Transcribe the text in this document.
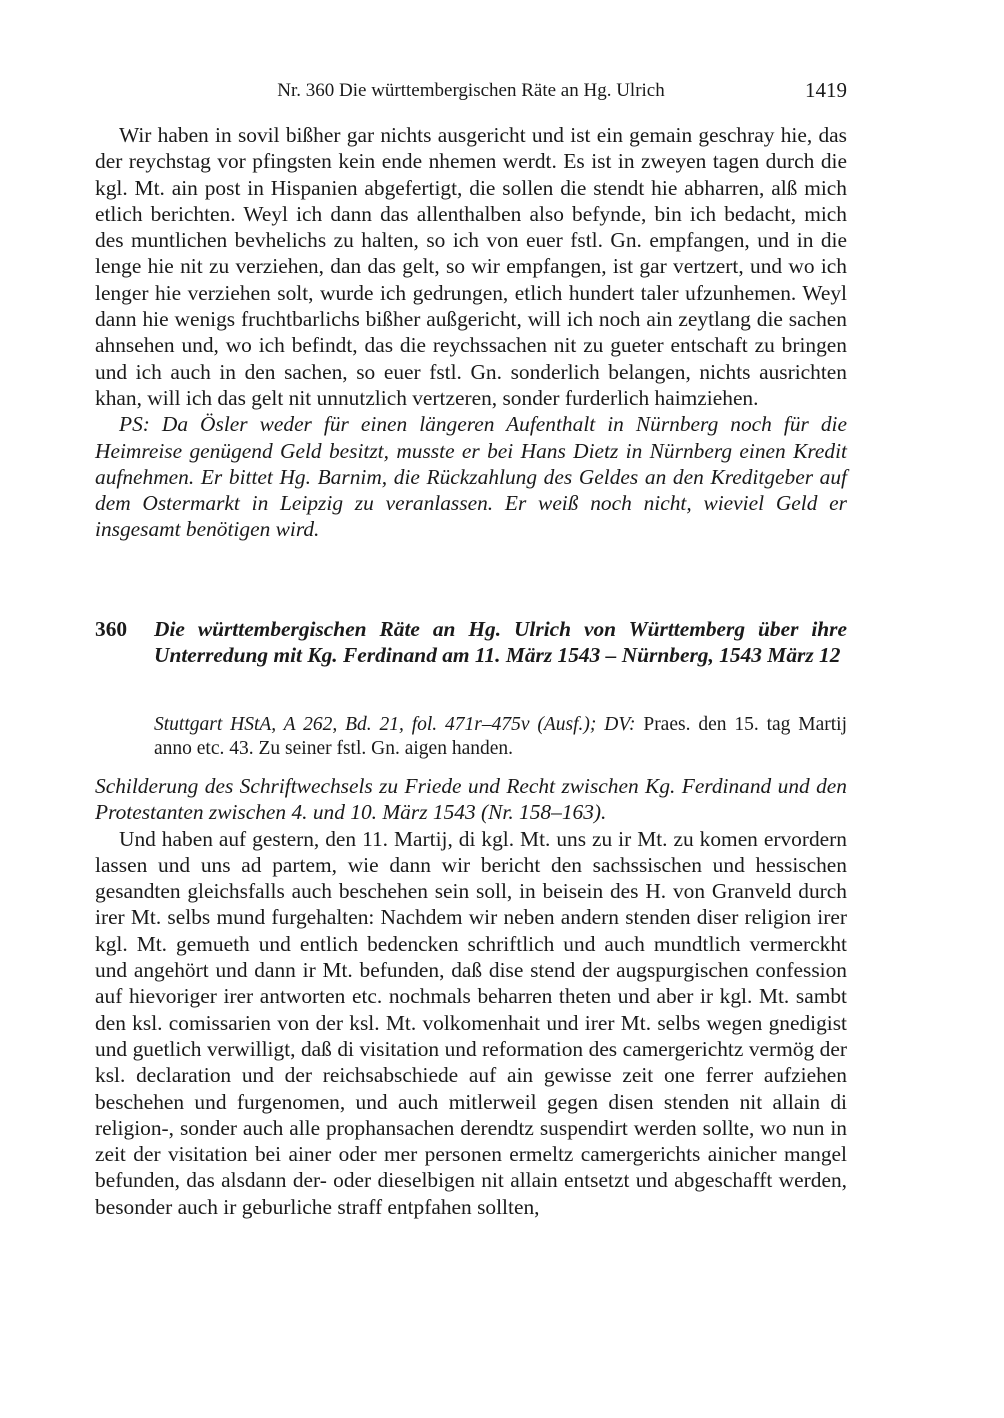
Nr. 360 Die württembergischen Räte an Hg. Ulrich	1419

Wir haben in sovil bißher gar nichts ausgericht und ist ein gemain geschray hie, das der reychstag vor pfingsten kein ende nhemen werdt. Es ist in zweyen tagen durch die kgl. Mt. ain post in Hispanien abgefertigt, die sollen die stendt hie abharren, alß mich etlich berichten. Weyl ich dann das allenthalben also befynde, bin ich bedacht, mich des muntlichen bevhelichs zu halten, so ich von euer fstl. Gn. empfangen, und in die lenge hie nit zu verziehen, dan das gelt, so wir empfangen, ist gar vertzert, und wo ich lenger hie verziehen solt, wurde ich gedrungen, etlich hundert taler ufzunhemen. Weyl dann hie wenigs fruchtbarlichs bißher außgericht, will ich noch ain zeytlang die sachen ahnsehen und, wo ich befindt, das die reychssachen nit zu gueter entschaft zu bringen und ich auch in den sachen, so euer fstl. Gn. sonderlich belangen, nichts ausrichten khan, will ich das gelt nit unnutzlich vertzeren, sonder furderlich haimziehen.

PS: Da Ösler weder für einen längeren Aufenthalt in Nürnberg noch für die Heimreise genügend Geld besitzt, musste er bei Hans Dietz in Nürnberg einen Kredit aufnehmen. Er bittet Hg. Barnim, die Rückzahlung des Geldes an den Kreditgeber auf dem Ostermarkt in Leipzig zu veranlassen. Er weiß noch nicht, wieviel Geld er insgesamt benötigen wird.

360 Die württembergischen Räte an Hg. Ulrich von Württemberg über ihre Unterredung mit Kg. Ferdinand am 11. März 1543 – Nürnberg, 1543 März 12
Stuttgart HStA, A 262, Bd. 21, fol. 471r–475v (Ausf.); DV: Praes. den 15. tag Martij anno etc. 43. Zu seiner fstl. Gn. aigen handen.

Schilderung des Schriftwechsels zu Friede und Recht zwischen Kg. Ferdinand und den Protestanten zwischen 4. und 10. März 1543 (Nr. 158–163).

Und haben auf gestern, den 11. Martij, di kgl. Mt. uns zu ir Mt. zu komen ervordern lassen und uns ad partem, wie dann wir bericht den sachssischen und hessischen gesandten gleichsfalls auch beschehen sein soll, in beisein des H. von Granveld durch irer Mt. selbs mund furgehalten: Nachdem wir neben andern stenden diser religion irer kgl. Mt. gemueth und entlich bedencken schriftlich und auch mundtlich vermerckht und angehört und dann ir Mt. befunden, daß dise stend der augspurgischen confession auf hievoriger irer antworten etc. nochmals beharren theten und aber ir kgl. Mt. sambt den ksl. comissarien von der ksl. Mt. volkomenhait und irer Mt. selbs wegen gnedigist und guetlich verwilligt, daß di visitation und reformation des camergerichtz vermög der ksl. declaration und der reichsabschiede auf ain gewisse zeit one ferrer aufziehen beschehen und furgenomen, und auch mitlerweil gegen disen stenden nit allain di religion-, sonder auch alle prophansachen derendtz suspendirt werden sollte, wo nun in zeit der visitation bei ainer oder mer personen ermeltz camergerichts ainicher mangel befunden, das alsdann der- oder dieselbigen nit allain entsetzt und abgeschafft werden, besonder auch ir geburliche straff entpfahen sollten,
